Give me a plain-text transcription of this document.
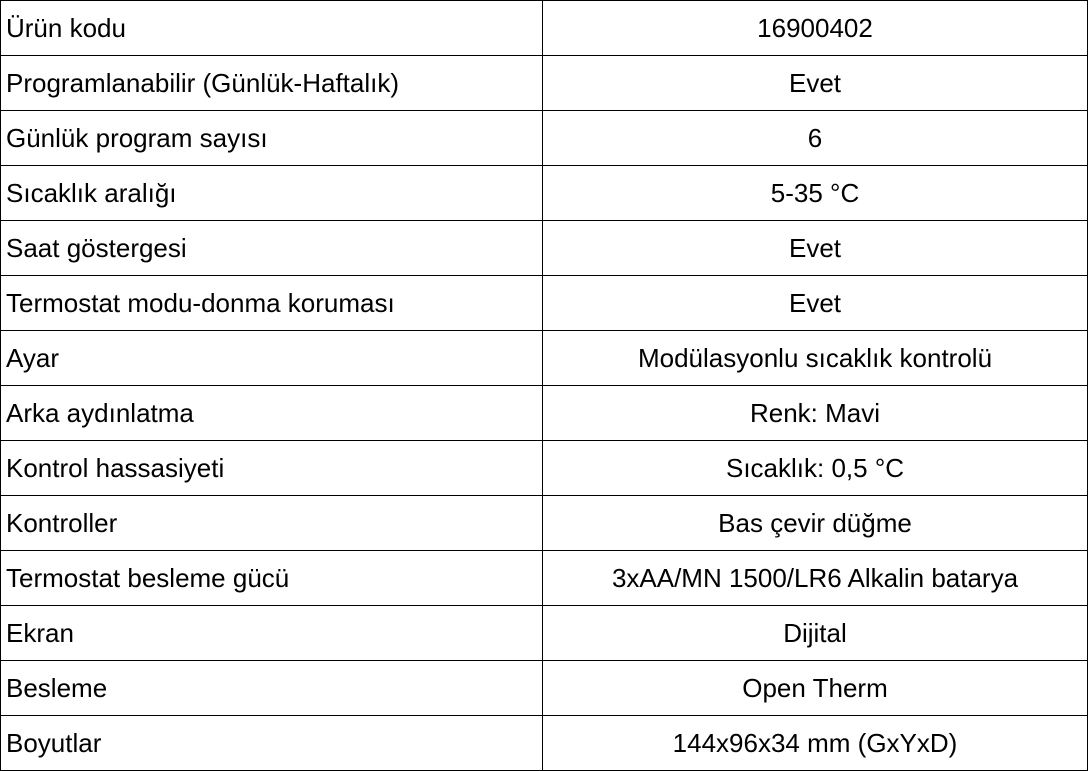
Ürün kodu	16900402
Programlanabilir (Günlük-Haftalık)	Evet
Günlük program sayısı	6
Sıcaklık aralığı	5-35 °C
Saat göstergesi	Evet
Termostat modu-donma koruması	Evet
Ayar	Modülasyonlu sıcaklık kontrolü
Arka aydınlatma	Renk: Mavi
Kontrol hassasiyeti	Sıcaklık: 0,5 °C
Kontroller	Bas çevir düğme
Termostat besleme gücü	3xAA/MN 1500/LR6 Alkalin batarya
Ekran	Dijital
Besleme	Open Therm
Boyutlar	144x96x34 mm (GxYxD)
